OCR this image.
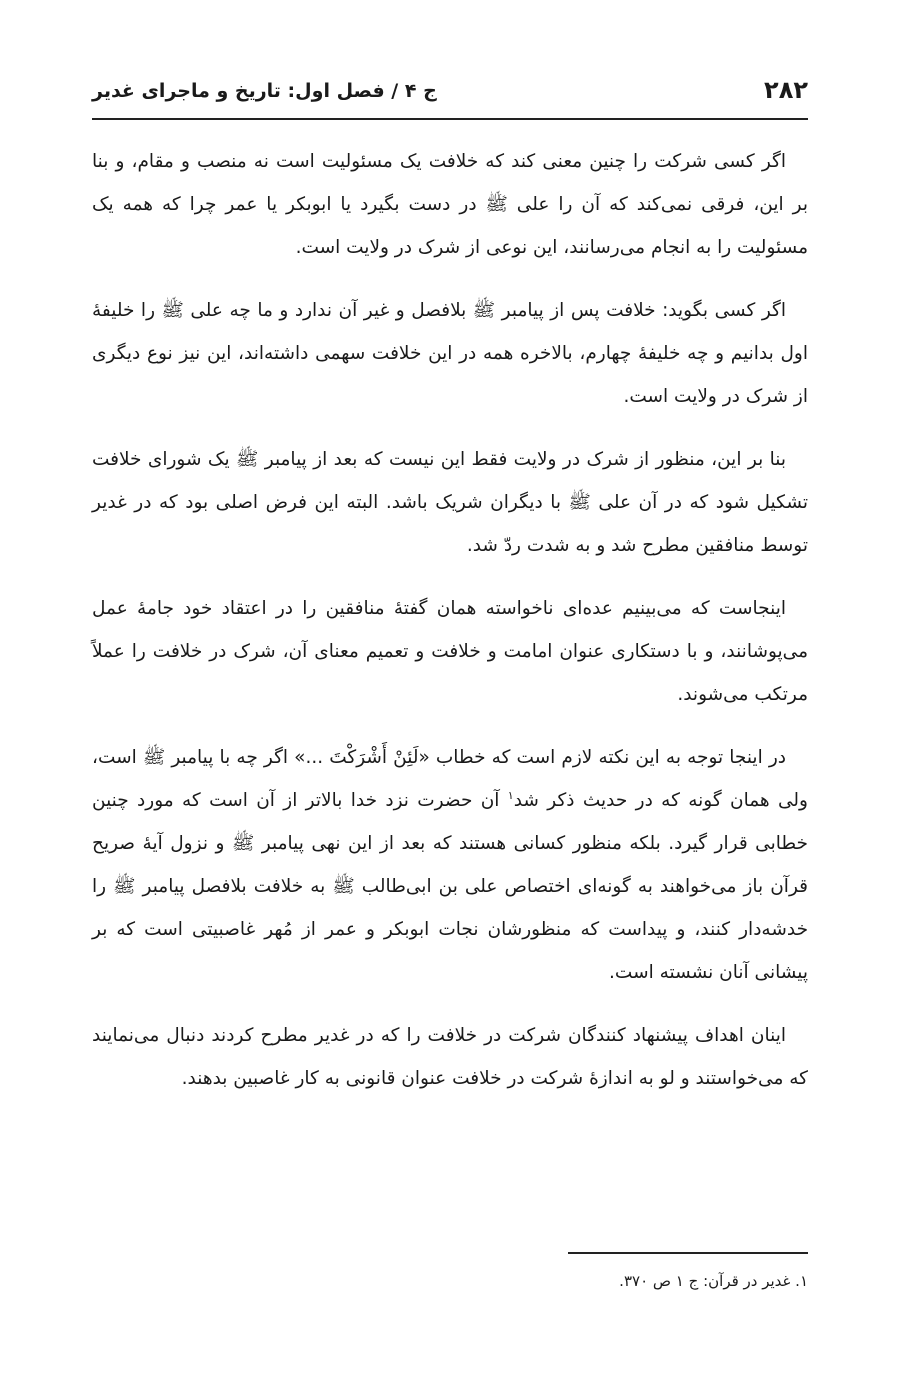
۲۸۲
ج ۴ / فصل اول: تاریخ و ماجرای غدیر

اگر کسی شرکت را چنین معنی کند که خلافت یک مسئولیت است نه منصب و مقام، و بنا بر این، فرقی نمی‌کند که آن را علی ﷺ در دست بگیرد یا ابوبکر یا عمر چرا که همه یک مسئولیت را به انجام می‌رسانند، این نوعی از شرک در ولایت است.

اگر کسی بگوید: خلافت پس از پیامبر ﷺ بلافصل و غیر آن ندارد و ما چه علی ﷺ را خلیفهٔ اول بدانیم و چه خلیفهٔ چهارم، بالاخره همه در این خلافت سهمی داشته‌اند، این نیز نوع دیگری از شرک در ولایت است.

بنا بر این، منظور از شرک در ولایت فقط این نیست که بعد از پیامبر ﷺ یک شورای خلافت تشکیل شود که در آن علی ﷺ با دیگران شریک باشد. البته این فرض اصلی بود که در غدیر توسط منافقین مطرح شد و به شدت ردّ شد.

اینجاست که می‌بینیم عده‌ای ناخواسته همان گفتهٔ منافقین را در اعتقاد خود جامهٔ عمل می‌پوشانند، و با دستکاری عنوان امامت و خلافت و تعمیم معنای آن، شرک در خلافت را عملاً مرتکب می‌شوند.

در اینجا توجه به این نکته لازم است که خطاب «لَئِنْ أَشْرَکْتَ ...» اگر چه با پیامبر ﷺ است، ولی همان گونه که در حدیث ذکر شد$^۱$ آن حضرت نزد خدا بالاتر از آن است که مورد چنین خطابی قرار گیرد. بلکه منظور کسانی هستند که بعد از این نهی پیامبر ﷺ و نزول آیهٔ صریح قرآن باز می‌خواهند به گونه‌ای اختصاص علی بن ابی‌طالب ﷺ به خلافت بلافصل پیامبر ﷺ را خدشه‌دار کنند، و پیداست که منظورشان نجات ابوبکر و عمر از مُهر غاصبیتی است که بر پیشانی آنان نشسته است.

اینان اهداف پیشنهاد کنندگان شرکت در خلافت را که در غدیر مطرح کردند دنبال می‌نمایند که می‌خواستند و لو به اندازهٔ شرکت در خلافت عنوان قانونی به کار غاصبین بدهند.

۱. غدیر در قرآن: ج ۱ ص ۳۷۰.
